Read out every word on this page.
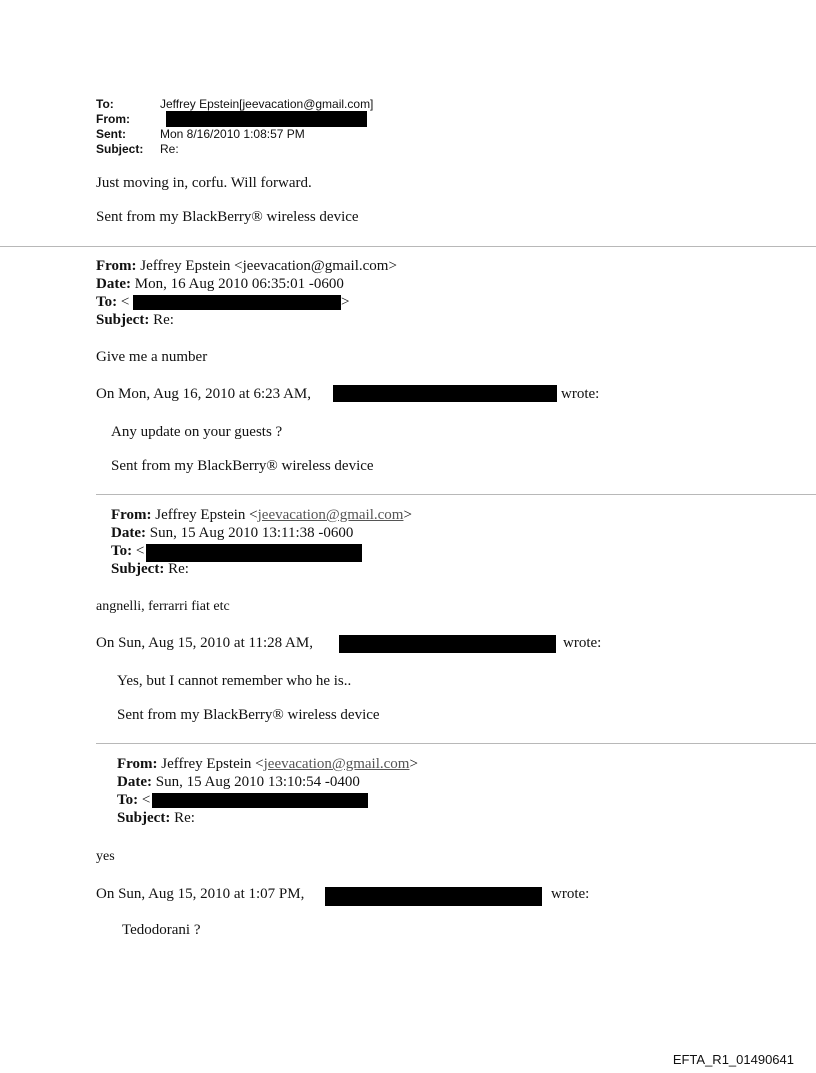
To:	Jeffrey Epstein[jeevacation@gmail.com]
From:
Sent:	Mon 8/16/2010 1:08:57 PM
Subject: Re:
Just moving in, corfu. Will forward.
Sent from my BlackBerry® wireless device
From: Jeffrey Epstein <jeevacation@gmail.com>
Date: Mon, 16 Aug 2010 06:35:01 -0600
To: <	>
Subject: Re:
Give me a number
On Mon, Aug 16, 2010 at 6:23 AM,	wrote:
Any update on your guests ?
Sent from my BlackBerry® wireless device
From: Jeffrey Epstein <jeevacation@gmail.com>
Date: Sun, 15 Aug 2010 13:11:38 -0600
To: <
Subject: Re:
angnelli, ferrarri fiat etc
On Sun, Aug 15, 2010 at 11:28 AM,	wrote:
Yes, but I cannot remember who he is..
Sent from my BlackBerry® wireless device
From: Jeffrey Epstein <jeevacation@gmail.com>
Date: Sun, 15 Aug 2010 13:10:54 -0400
To: <
Subject: Re:
yes
On Sun, Aug 15, 2010 at 1:07 PM,	wrote:
Tedodorani ?
EFTA_R1_01490641
